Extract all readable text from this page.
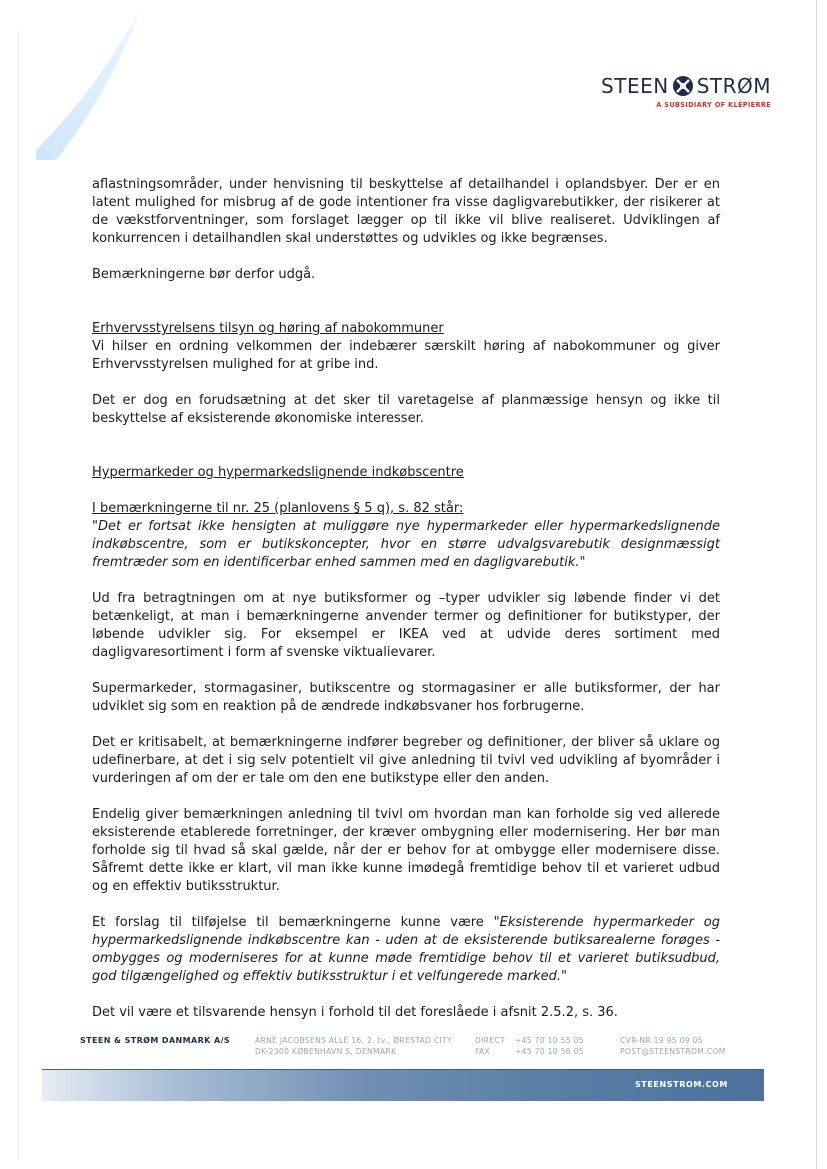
STEEN STRØM
A SUBSIDIARY OF KLÉPIERRE

aflastningsområder, under henvisning til beskyttelse af detailhandel i oplandsbyer. Der er en latent mulighed for misbrug af de gode intentioner fra visse dagligvarebutikker, der risikerer at de vækstforventninger, som forslaget lægger op til ikke vil blive realiseret. Udviklingen af konkurrencen i detailhandlen skal understøttes og udvikles og ikke begrænses.

Bemærkningerne bør derfor udgå.

Erhvervsstyrelsens tilsyn og høring af nabokommuner

Vi hilser en ordning velkommen der indebærer særskilt høring af nabokommuner og giver Erhvervsstyrelsen mulighed for at gribe ind.

Det er dog en forudsætning at det sker til varetagelse af planmæssige hensyn og ikke til beskyttelse af eksisterende økonomiske interesser.

Hypermarkeder og hypermarkedslignende indkøbscentre

I bemærkningerne til nr. 25 (planlovens § 5 q), s. 82 står:

"Det er fortsat ikke hensigten at muliggøre nye hypermarkeder eller hypermarkedslignende indkøbscentre, som er butikskoncepter, hvor en større udvalgsvarebutik designmæssigt fremtræder som en identificerbar enhed sammen med en dagligvarebutik."

Ud fra betragtningen om at nye butiksformer og –typer udvikler sig løbende finder vi det betænkeligt, at man i bemærkningerne anvender termer og definitioner for butikstyper, der løbende udvikler sig. For eksempel er IKEA ved at udvide deres sortiment med dagligvaresortiment i form af svenske viktualievarer.

Supermarkeder, stormagasiner, butikscentre og stormagasiner er alle butiksformer, der har udviklet sig som en reaktion på de ændrede indkøbsvaner hos forbrugerne.

Det er kritisabelt, at bemærkningerne indfører begreber og definitioner, der bliver så uklare og udefinerbare, at det i sig selv potentielt vil give anledning til tvivl ved udvikling af byområder i vurderingen af om der er tale om den ene butikstype eller den anden.

Endelig giver bemærkningen anledning til tvivl om hvordan man kan forholde sig ved allerede eksisterende etablerede forretninger, der kræver ombygning eller modernisering. Her bør man forholde sig til hvad så skal gælde, når der er behov for at ombygge eller modernisere disse. Såfremt dette ikke er klart, vil man ikke kunne imødegå fremtidige behov til et varieret udbud og en effektiv butiksstruktur.

Et forslag til tilføjelse til bemærkningerne kunne være "Eksisterende hypermarkeder og hypermarkedslignende indkøbscentre kan - uden at de eksisterende butiksarealerne forøges - ombygges og moderniseres for at kunne møde fremtidige behov til et varieret butiksudbud, god tilgængelighed og effektiv butiksstruktur i et velfungerede marked."

Det vil være et tilsvarende hensyn i forhold til det foreslåede i afsnit 2.5.2, s. 36.

STEEN & STRØM DANMARK A/S	ARNE JACOBSENS ALLÉ 16, 2. tv., ØRESTAD CITY
DK-2300 KØBENHAVN S, DENMARK
DIRECT +45 70 10 55 05
FAX	+45 70 10 56 05
CVR-NR 19 95 09 05
POST@STEENSTROM.COM
STEENSTROM.COM
